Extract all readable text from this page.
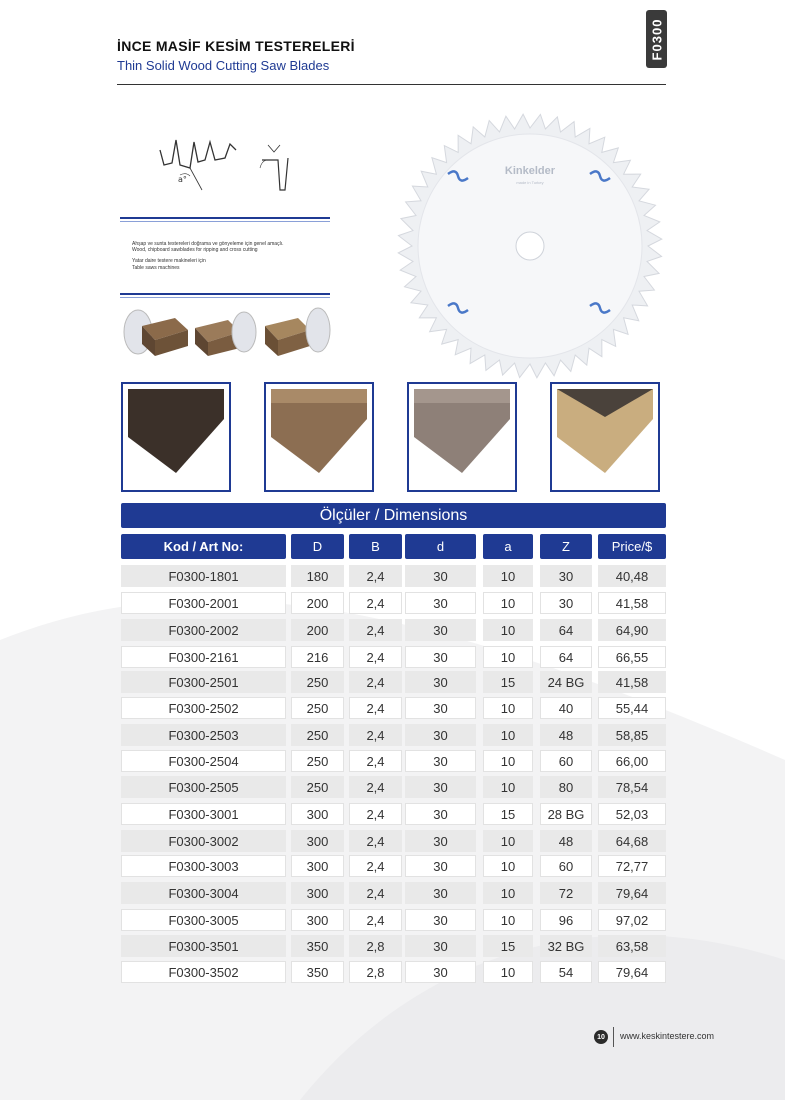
F0300
İNCE MASİF KESİM TESTERELERİ
Thin Solid Wood Cutting Saw Blades
a°

Ahşap ve sunta testereleri doğrama ve gönyeleme için genel amaçlı.

Wood, chipboard sawblades for ripping and cross cutting

Yatar daire testere makineleri için

Table saws machines

Kinkelder
made in Turkey
Ölçüler / Dimensions
Kod / Art No:	D	B	d	a	Z	Price/$
F0300-1801	180	2,4	30	10	30	40,48
F0300-2001	200	2,4	30	10	30	41,58
F0300-2002	200	2,4	30	10	64	64,90
F0300-2161	216	2,4	30	10	64	66,55
F0300-2501	250	2,4	30	15	24 BG	41,58
F0300-2502	250	2,4	30	10	40	55,44
F0300-2503	250	2,4	30	10	48	58,85
F0300-2504	250	2,4	30	10	60	66,00
F0300-2505	250	2,4	30	10	80	78,54
F0300-3001	300	2,4	30	15	28 BG	52,03
F0300-3002	300	2,4	30	10	48	64,68
F0300-3003	300	2,4	30	10	60	72,77
F0300-3004	300	2,4	30	10	72	79,64
F0300-3005	300	2,4	30	10	96	97,02
F0300-3501	350	2,8	30	15	32 BG	63,58
F0300-3502	350	2,8	30	10	54	79,64
10	www.keskintestere.com
